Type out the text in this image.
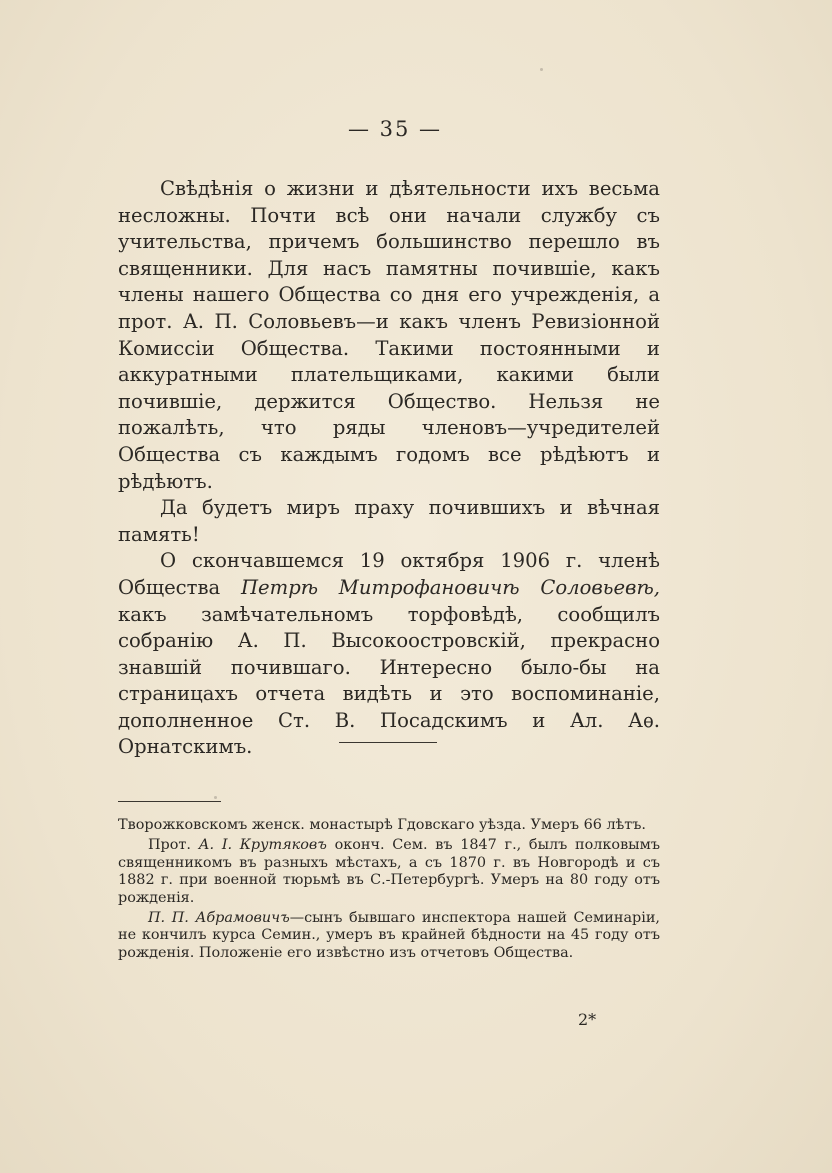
— 35 —

Свѣдѣнія о жизни и дѣятельности ихъ весьма несложны. Почти всѣ они начали службу съ учительства, причемъ большинство перешло въ священники. Для насъ памятны почившіе, какъ члены нашего Общества со дня его учрежденія, а прот. А. П. Соловьевъ—и какъ членъ Ревизіонной Комиссіи Общества. Такими постоянными и аккуратными плательщиками, какими были почившіе, держится Общество. Нельзя не пожалѣть, что ряды членовъ—учредителей Общества съ каждымъ годомъ все рѣдѣютъ и рѣдѣютъ.

Да будетъ миръ праху почившихъ и вѣчная память!

О скончавшемся 19 октября 1906 г. членѣ Общества Петрѣ Митрофановичѣ Соловьевѣ, какъ замѣчательномъ торфовѣдѣ, сообщилъ собранію А. П. Высокоостровскій, прекрасно знавшій почившаго. Интересно было-бы на страницахъ отчета видѣть и это воспоминаніе, дополненное Ст. В. Посадскимъ и Ал. Аѳ. Орнатскимъ.

Творожковскомъ женск. монастырѣ Гдовскаго уѣзда. Умеръ 66 лѣтъ.

Прот. А. I. Крутяковъ оконч. Сем. въ 1847 г., былъ полковымъ священникомъ въ разныхъ мѣстахъ, а съ 1870 г. въ Новгородѣ и съ 1882 г. при военной тюрьмѣ въ С.-Петербургѣ. Умеръ на 80 году отъ рожденія.

П. П. Абрамовичъ—сынъ бывшаго инспектора нашей Семинаріи, не кончилъ курса Семин., умеръ въ крайней бѣдности на 45 году отъ рожденія. Положеніе его извѣстно изъ отчетовъ Общества.

2*
